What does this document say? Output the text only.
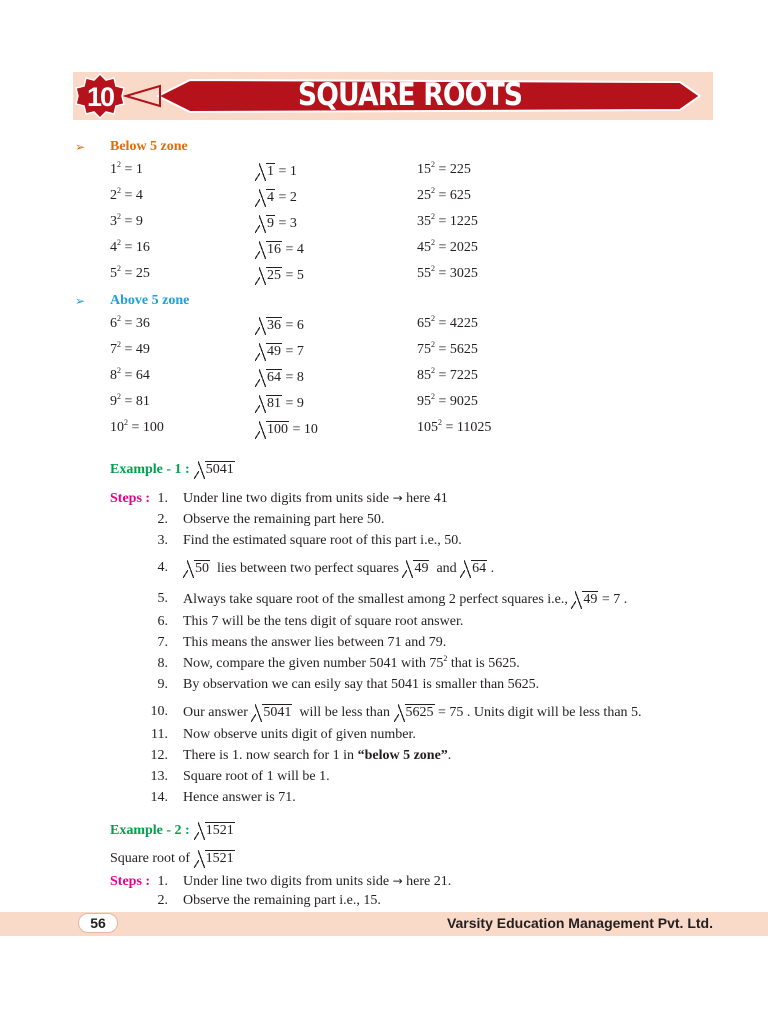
10	SQUARE ROOTS
➢ Below 5 zone
$1^2 = 1$	1 = 1	$15^2 = 225$
$2^2 = 4$	4 = 2	$25^2 = 625$
$3^2 = 9$	9 = 3	$35^2 = 1225$
$4^2 = 16$	16 = 4	$45^2 = 2025$
$5^2 = 25$	25 = 5	$55^2 = 3025$
➢ Above 5 zone
$6^2 = 36$	36 = 6	$65^2 = 4225$
$7^2 = 49$	49 = 7	$75^2 = 5625$
$8^2 = 64$	64 = 8	$85^2 = 7225$
$9^2 = 81$	81 = 9	$95^2 = 9025$
$10^2 = 100$	100 = 10	$105^2 = 11025$
Example - 1 : 5041
Steps : 1. Under line two digits from units side → here 41
2. Observe the remaining part here 50.
3. Find the estimated square root of this part i.e., 50.
4.	50 lies between two perfect squares 49 and 64 .
5. Always take square root of the smallest among 2 perfect squares i.e., 49 = 7 .
6. This 7 will be the tens digit of square root answer.
7. This means the answer lies between 71 and 79.
8. Now, compare the given number 5041 with $75^2$ that is 5625.
9. By observation we can esily say that 5041 is smaller than 5625.
10. Our answer 5041 will be less than 5625 = 75 . Units digit will be less than 5.
11. Now observe units digit of given number.
12. There is 1. now search for 1 in “below 5 zone”.
13. Square root of 1 will be 1.
14. Hence answer is 71.
Example - 2 : 1521
Square root of 1521
Steps : 1. Under line two digits from units side → here 21.
2. Observe the remaining part i.e., 15.
56	Varsity Education Management Pvt. Ltd.
